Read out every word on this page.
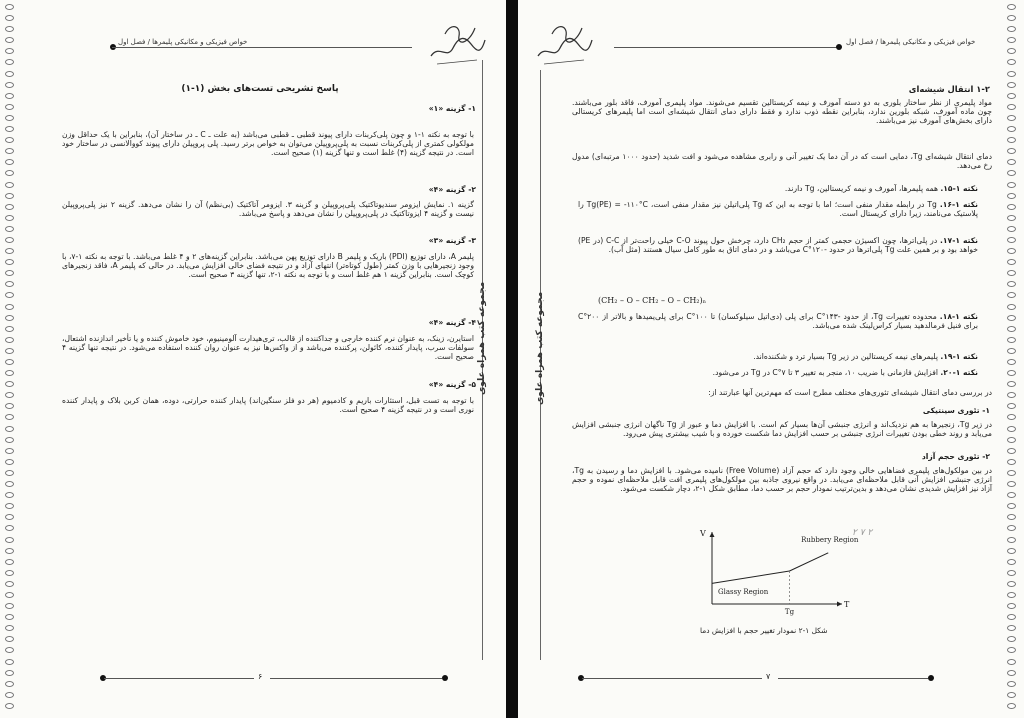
خواص فیزیکی و مکانیکی پلیمرها / فصل اول
مجموعه کتب همراه علوی
پاسخ تشریحی تست‌های بخش (۱-۱)
۱- گزینه «۱»
با توجه به نکته ۱-۱ و چون پلی‌کربنات دارای پیوند قطبی ـ قطبی می‌باشد (به علت ـ C ـ در ساختار آن)، بنابراین با یک حداقل وزن مولکولی کمتری از پلی‌کربنات نسبت به پلی‌پروپیلن می‌توان به خواص برتر رسید. پلی پروپیلن دارای پیوند کووالانسی در ساختار خود است. در نتیجه گزینه (۴) غلط است و تنها گزینه (۱) صحیح است.
۲- گزینه «۴»
گزینه ۱. نمایش ایزومر سندیوتاکتیک پلی‌پروپیلن و گزینه ۳. ایزومر آتاکتیک (بی‌نظم) آن را نشان می‌دهد. گزینه ۲ نیز پلی‌پروپیلن نیست و گزینه ۴ ایزوتاکتیک در پلی‌پروپیلن را نشان می‌دهد و پاسخ می‌باشد.
۳- گزینه «۳»
پلیمر A، دارای توزیع (PDI) باریک و پلیمر B دارای توزیع پهن می‌باشد. بنابراین گزینه‌های ۲ و ۴ غلط می‌باشد. با توجه به نکته ۱-۷، با وجود زنجیرهایی با وزن کمتر (طول کوتاه‌تر) انتهای آزاد و در نتیجه فضای خالی افزایش می‌یابد. در حالی که پلیمر A، فاقد زنجیرهای کوچک است. بنابراین گزینه ۱ هم غلط است و با توجه به نکته ۱-۲، تنها گزینه ۳ صحیح است.
۴- گزینه «۴»
استایرن، زینک، به عنوان نرم کننده خارجی و جداکننده از قالب، تری‌هیدارت آلومینیوم، خود خاموش کننده و یا تأخیر اندازنده اشتعال، سولفات سرب، پایدار کننده، کائولن، پرکننده می‌باشد و از واکس‌ها نیز به عنوان روان کننده استفاده می‌شود. در نتیجه تنها گزینه ۴ صحیح است.
۵- گزینه «۴»
با توجه به تست قبل، استئارات باریم و کادمیوم (هر دو فلز سنگین‌اند) پایدار کننده حرارتی، دوده، همان کربن بلاک و پایدار کننده نوری است و در نتیجه گزینه ۴ صحیح است.
۶
خواص فیزیکی و مکانیکی پلیمرها / فصل اول
مجموعه کتب همراه علوی
۱-۲ انتقال شیشه‌ای
مواد پلیمری از نظر ساختار بلوری به دو دسته آمورف و نیمه کریستالین تقسیم می‌شوند. مواد پلیمری آمورف، فاقد بلور می‌باشند. چون ماده آمورف، شبکه بلورین ندارد، بنابراین نقطه ذوب ندارد و فقط دارای دمای انتقال شیشه‌ای است اما پلیمرهای کریستالی دارای بخش‌های آمورف نیز می‌باشند.
دمای انتقال شیشه‌ای Tg، دمایی است که در آن دما یک تغییر آنی و رابری مشاهده می‌شود و افت شدید (حدود ۱۰۰۰ مرتبه‌ای) مدول رخ می‌دهد.
نکته ۱-۱۵. همه پلیمرها، آمورف و نیمه کریستالین، Tg دارند.
نکته ۱-۱۶. Tg در رابطه مقدار منفی است؛ اما با توجه به این که Tg پلی‌اتیلن نیز مقدار منفی است، Tg(PE) = -۱۱۰°C را پلاستیک می‌نامند، زیرا دارای کریستال است.
نکته ۱-۱۷. در پلی‌اترها، چون اکسیژن حجمی کمتر از حجم CH₂ دارد، چرخش حول پیوند C-O خیلی راحت‌تر از C-C (در PE) خواهد بود و بر همین علت Tg پلی‌اترها در حدود -۱۲۰°C می‌باشد و در دمای اتاق به طور کامل سیال هستند (مثل آب).
(CH₂ – O – CH₂ – O – CH₂)ₙ
نکته ۱-۱۸. محدوده تغییرات Tg، از حدود -۱۴۳°C برای پلی (دی‌اتیل سیلوکسان) تا ۱۰۰°C برای پلی‌یمیدها و بالاتر از ۲۰۰°C برای فنیل فرمالدهید بسیار کراس‌لینک شده می‌باشد.
نکته ۱-۱۹. پلیمرهای نیمه کریستالین در زیر Tg بسیار ترد و شکننده‌اند.
نکته ۱-۲۰. افزایش فازمانی با ضریب ۱۰، منجر به تغییر ۳ تا ۷°C در Tg در می‌شود.
در بررسی دمای انتقال شیشه‌ای تئوری‌های مختلف مطرح است که مهم‌ترین آنها عبارتند از:
۱- تئوری سینتیکی
در زیر Tg، زنجیرها به هم نزدیک‌اند و انرژی جنبشی آن‌ها بسیار کم است. با افزایش دما و عبور از Tg ناگهان انرژی جنبشی افزایش می‌یابد و روند خطی بودن تغییرات انرژی جنبشی بر حسب افزایش دما شکست خورده و با شیب بیشتری پیش می‌رود.
۲- تئوری حجم آزاد
در بین مولکول‌های پلیمری فضاهایی خالی وجود دارد که حجم آزاد (Free Volume) نامیده می‌شود. با افزایش دما و رسیدن به Tg، انرژی جنبشی افزایش آنی قابل ملاحظه‌ای می‌یابد. در واقع نیروی جاذبه بین مولکول‌های پلیمری افت قابل ملاحظه‌ای نموده و حجم آزاد نیز افزایش شدیدی نشان می‌دهد و بدین‌ترتیب نمودار حجم بر حسب دما، مطابق شکل ۱-۲، دچار شکست می‌شود.
۲ ۷ ۲
۷
V
T
Tg
Glassy Region
Rubbery Region
شکل ۱-۲ نمودار تغییر حجم با افزایش دما
